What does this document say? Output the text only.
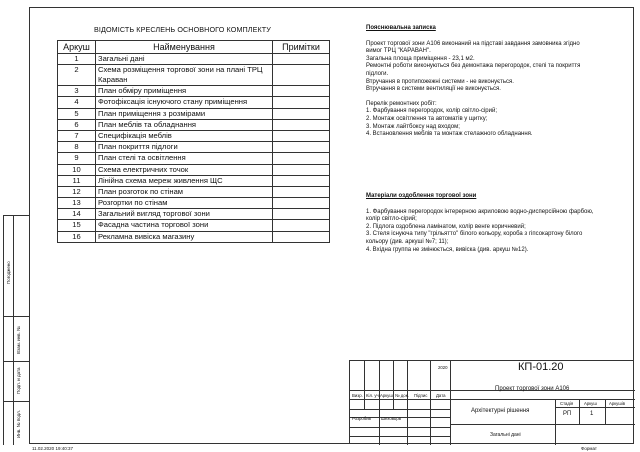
ВІДОМІСТЬ КРЕСЛЕНЬ ОСНОВНОГО КОМПЛЕКТУ
Аркуш	Найменування	Примітки
1	Загальні дані	
2	Схема розміщення торгової зони на плані ТРЦ Караван	
3	План обміру приміщення	
4	Фотофіксація існуючого стану приміщення	
5	План приміщення з розмірами	
6	План меблів та обладнання	
7	Специфікація меблів	
8	План покриття підлоги	
9	План стелі та освітлення	
10	Схема електричних точок	
11	Лінійна схема мереж живлення ЩС	
12	План розготок по стінам	
13	Розгортки по стінам	
14	Загальний вигляд торгової зони	
15	Фасадна частина торгової зони	
16	Рекламна вивіска магазину	
Пояснювальна записка
Проект торгової зони А106 виконаний на підставі завдання замовника згідно
вимог ТРЦ "КАРАВАН".
Загальна площа приміщення - 23,1 м2.
Ремонтні роботи виконуються без демонтажа перегородок, стелі та покриття
підлоги.
Втручання в протипожежні системи - не виконується.
Втручання в системи вентиляції не виконується.
Перелік ремонтних робіт:
1. Фарбування перегородок, колір світло-сірий;
2. Монтаж освітлення та автоматів у щитку;
3. Монтаж лайтбоксу над входом;
4. Встановлення меблів та монтаж стелажного обладнання.
Матеріали оздоблення торгової зони
1. Фарбування перегородок інтерерною акриловою водно-дисперсійною фарбою,
колір світло-сірий;
2. Підлога оздоблена ламінатом, колір венге коричневий;
3. Стеля існуюча типу "грільятто" білого кольору, короба з гіпсокартону білого
кольору (див. аркуші №7; 11);
4. Вхідна группа не змінюється, вивіска (див. аркуш №12).
Погоджено
Взам. инв. №
Подп. и дата
Инв. № подл.
2020
Визр. Кіл. уч. Аркуш № док. Підпис Дата
Розробив Шеховцов
Проект торгової зони А106
Архітектурні рішення
Загальні дані
Стадія	Аркуш	Аркушів
РП	1
КП-01.20
11.02.2020 19:40:37	Формат
